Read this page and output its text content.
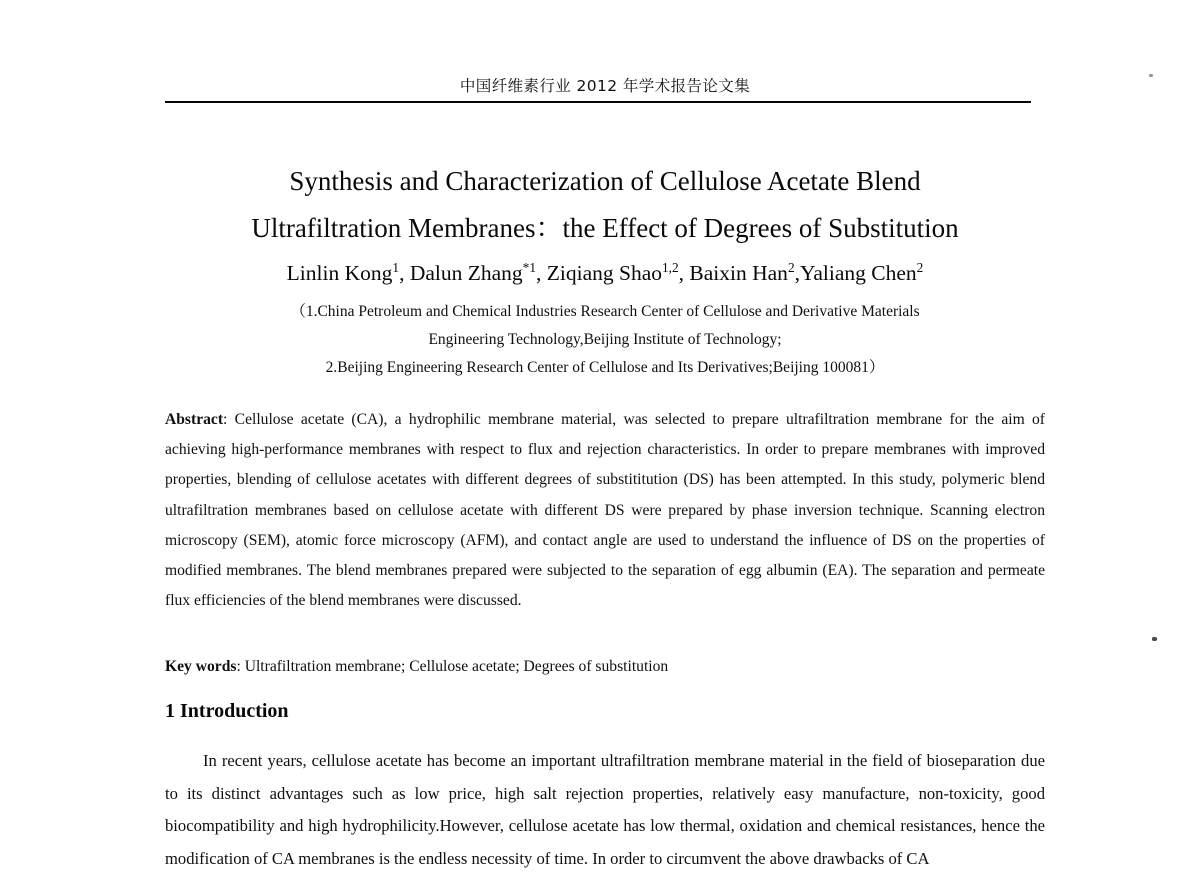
中国纤维素行业 2012 年学术报告论文集
Synthesis and Characterization of Cellulose Acetate Blend
Ultrafiltration Membranes：the Effect of Degrees of Substitution
Linlin Kong$^1$, Dalun Zhang$^{*1}$, Ziqiang Shao$^{1,2}$, Baixin Han$^2$,Yaliang Chen$^2$
（1.China Petroleum and Chemical Industries Research Center of Cellulose and Derivative Materials
Engineering Technology,Beijing Institute of Technology;
2.Beijing Engineering Research Center of Cellulose and Its Derivatives;Beijing 100081）
Abstract: Cellulose acetate (CA), a hydrophilic membrane material, was selected to prepare ultrafiltration membrane for the aim of achieving high-performance membranes with respect to flux and rejection characteristics. In order to prepare membranes with improved properties, blending of cellulose acetates with different degrees of substititution (DS) has been attempted. In this study, polymeric blend ultrafiltration membranes based on cellulose acetate with different DS were prepared by phase inversion technique. Scanning electron microscopy (SEM), atomic force microscopy (AFM), and contact angle are used to understand the influence of DS on the properties of modified membranes. The blend membranes prepared were subjected to the separation of egg albumin (EA). The separation and permeate flux efficiencies of the blend membranes were discussed.
Key words: Ultrafiltration membrane; Cellulose acetate; Degrees of substitution
1 Introduction
In recent years, cellulose acetate has become an important ultrafiltration membrane material in the field of bioseparation due to its distinct advantages such as low price, high salt rejection properties, relatively easy manufacture, non-toxicity, good biocompatibility and high hydrophilicity.However, cellulose acetate has low thermal, oxidation and chemical resistances, hence the modification of CA membranes is the endless necessity of time. In order to circumvent the above drawbacks of CA
